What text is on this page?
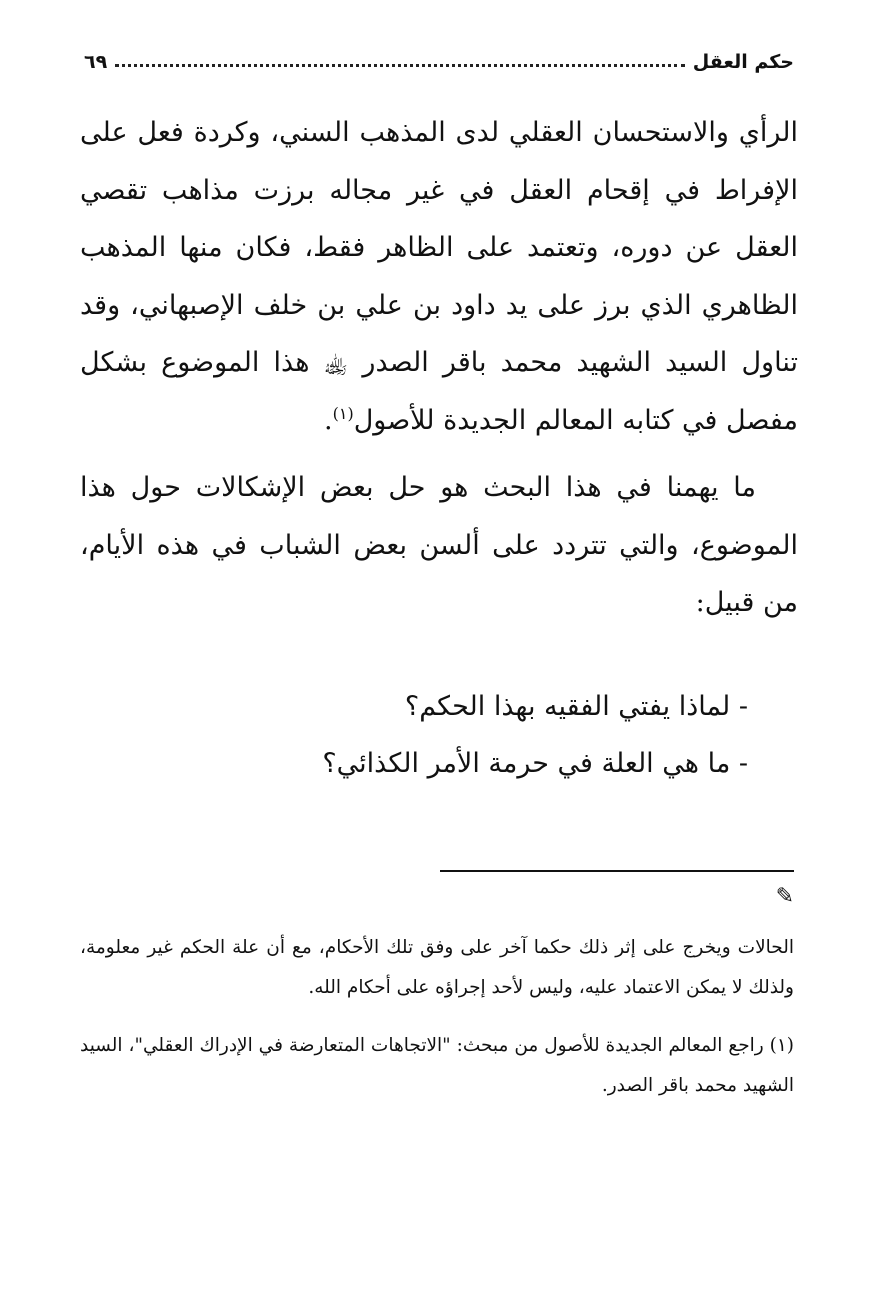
حكم العقل
٦٩

الرأي والاستحسان العقلي لدى المذهب السني، وكردة فعل على الإفراط في إقحام العقل في غير مجاله برزت مذاهب تقصي العقل عن دوره، وتعتمد على الظاهر فقط، فكان منها المذهب الظاهري الذي برز على يد داود بن علي بن خلف الإصبهاني، وقد تناول السيد الشهيد محمد باقر الصدر ﵀ هذا الموضوع بشكل مفصل في كتابه المعالم الجديدة للأصول$^{(١)}$.

ما يهمنا في هذا البحث هو حل بعض الإشكالات حول هذا الموضوع، والتي تتردد على ألسن بعض الشباب في هذه الأيام، من قبيل:

- لماذا يفتي الفقيه بهذا الحكم؟
- ما هي العلة في حرمة الأمر الكذائي؟
✎

الحالات ويخرج على إثر ذلك حكما آخر على وفق تلك الأحكام، مع أن علة الحكم غير معلومة، ولذلك لا يمكن الاعتماد عليه، وليس لأحد إجراؤه على أحكام الله.

(١) راجع المعالم الجديدة للأصول من مبحث: "الاتجاهات المتعارضة في الإدراك العقلي"، السيد الشهيد محمد باقر الصدر.
